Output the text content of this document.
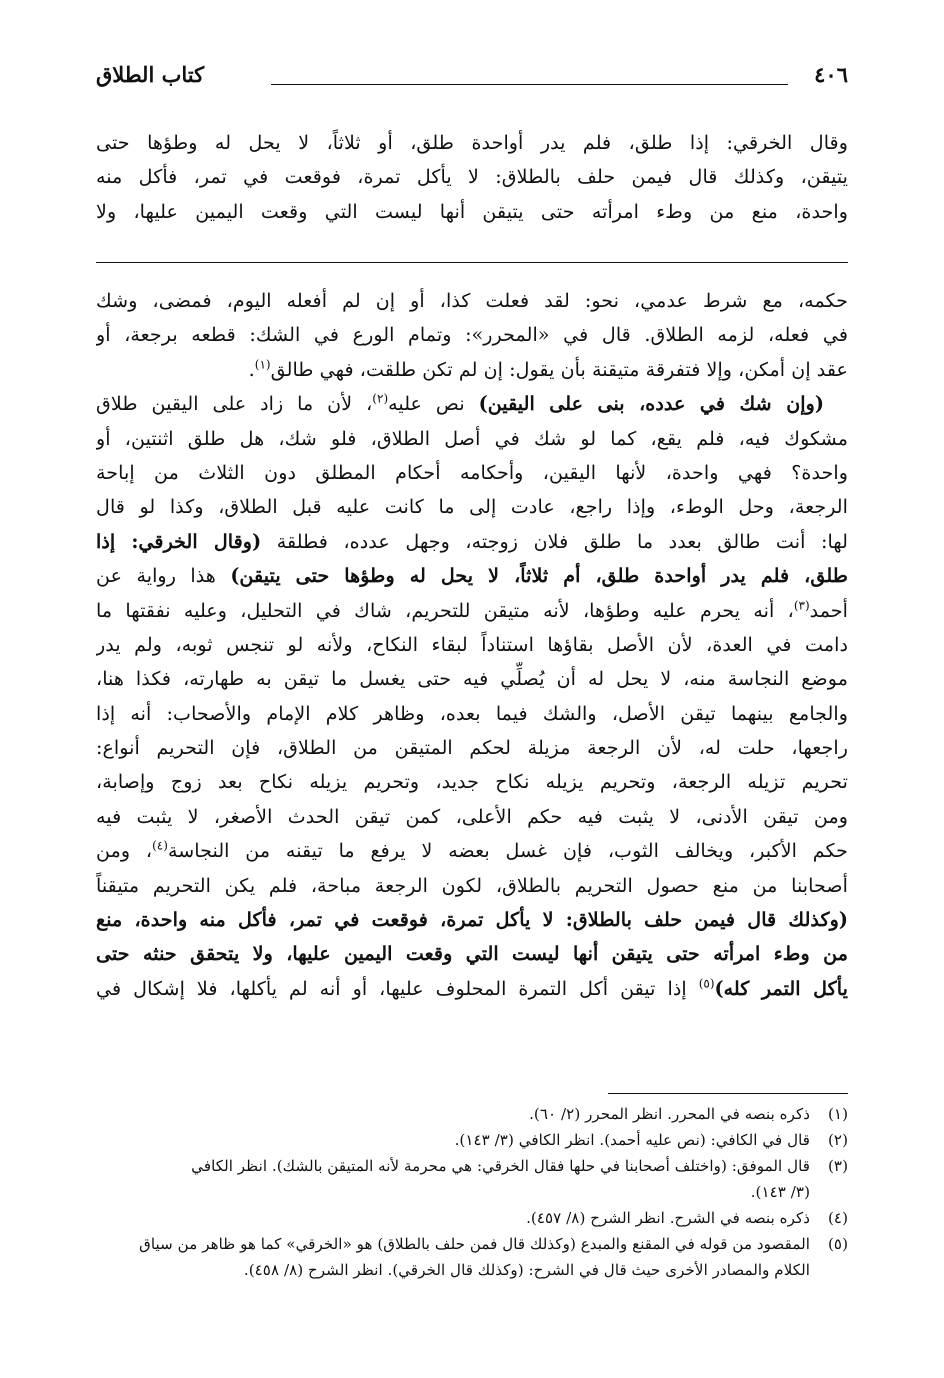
٤٠٦
كتاب الطلاق
وقال الخرقي: إذا طلق، فلم يدر أواحدة طلق، أو ثلاثاً، لا يحل له وطؤها حتى
يتيقن، وكذلك قال فيمن حلف بالطلاق: لا يأكل تمرة، فوقعت في تمر، فأكل منه
واحدة، منع من وطء امرأته حتى يتيقن أنها ليست التي وقعت اليمين عليها، ولا
حكمه، مع شرط عدمي، نحو: لقد فعلت كذا، أو إن لم أفعله اليوم، فمضى، وشك
في فعله، لزمه الطلاق. قال في «المحرر»: وتمام الورع في الشك: قطعه برجعة، أو
عقد إن أمكن، وإلا فتفرقة متيقنة بأن يقول: إن لم تكن طلقت، فهي طالق$^{(١)}$.
(وإن شك في عدده، بنى على اليقين) نص عليه$^{(٢)}$، لأن ما زاد على اليقين طلاق
مشكوك فيه، فلم يقع، كما لو شك في أصل الطلاق، فلو شك، هل طلق اثنتين، أو
واحدة؟ فهي واحدة، لأنها اليقين، وأحكامه أحكام المطلق دون الثلاث من إباحة
الرجعة، وحل الوطء، وإذا راجع، عادت إلى ما كانت عليه قبل الطلاق، وكذا لو قال
لها: أنت طالق بعدد ما طلق فلان زوجته، وجهل عدده، فطلقة (وقال الخرقي: إذا
طلق، فلم يدر أواحدة طلق، أم ثلاثاً، لا يحل له وطؤها حتى يتيقن) هذا رواية عن
أحمد$^{(٣)}$، أنه يحرم عليه وطؤها، لأنه متيقن للتحريم، شاك في التحليل، وعليه نفقتها ما
دامت في العدة، لأن الأصل بقاؤها استناداً لبقاء النكاح، ولأنه لو تنجس ثوبه، ولم يدر
موضع النجاسة منه، لا يحل له أن يُصلِّي فيه حتى يغسل ما تيقن به طهارته، فكذا هنا،
والجامع بينهما تيقن الأصل، والشك فيما بعده، وظاهر كلام الإمام والأصحاب: أنه إذا
راجعها، حلت له، لأن الرجعة مزيلة لحكم المتيقن من الطلاق، فإن التحريم أنواع:
تحريم تزيله الرجعة، وتحريم يزيله نكاح جديد، وتحريم يزيله نكاح بعد زوج وإصابة،
ومن تيقن الأدنى، لا يثبت فيه حكم الأعلى، كمن تيقن الحدث الأصغر، لا يثبت فيه
حكم الأكبر، ويخالف الثوب، فإن غسل بعضه لا يرفع ما تيقنه من النجاسة$^{(٤)}$، ومن
أصحابنا من منع حصول التحريم بالطلاق، لكون الرجعة مباحة، فلم يكن التحريم متيقناً
(وكذلك قال فيمن حلف بالطلاق: لا يأكل تمرة، فوقعت في تمر، فأكل منه واحدة، منع
من وطء امرأته حتى يتيقن أنها ليست التي وقعت اليمين عليها، ولا يتحقق حنثه حتى
يأكل التمر كله)$^{(٥)}$ إذا تيقن أكل التمرة المحلوف عليها، أو أنه لم يأكلها، فلا إشكال في
(١)
ذكره بنصه في المحرر. انظر المحرر (٢/ ٦٠).
(٢)
قال في الكافي: (نص عليه أحمد). انظر الكافي (٣/ ١٤٣).
(٣)
قال الموفق: (واختلف أصحابنا في حلها فقال الخرقي: هي محرمة لأنه المتيقن بالشك). انظر الكافي
(٣/ ١٤٣).
(٤)
ذكره بنصه في الشرح. انظر الشرح (٨/ ٤٥٧).
(٥)
المقصود من قوله في المقنع والمبدع (وكذلك قال فمن حلف بالطلاق) هو «الخرقي» كما هو ظاهر من سياق
الكلام والمصادر الأخرى حيث قال في الشرح: (وكذلك قال الخرقي). انظر الشرح (٨/ ٤٥٨).
